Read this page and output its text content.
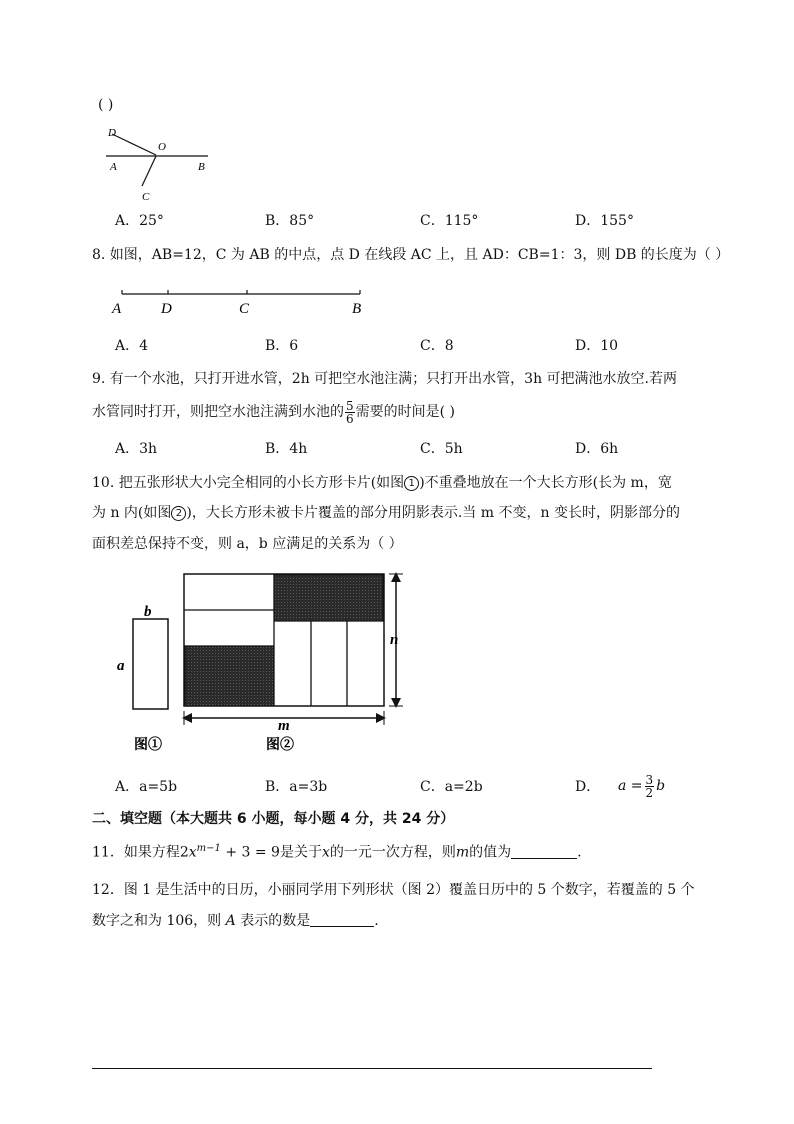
( )
D
O
A	B
C
A．25°	B．85°	C．115°	D．155°
8. 如图，AB=12，C 为 AB 的中点，点 D 在线段 AC 上，且 AD：CB=1：3，则 DB 的长度为（ ）
A	D	C	B
A．4	B．6	C．8	D．10
9. 有一个水池，只打开进水管，2h 可把空水池注满；只打开出水管，3h 可把满池水放空.若两
水管同时打开，则把空水池注满到水池的 $\frac{5}{6}$ 需要的时间是( )
A．3h	B．4h	C．5h	D．6h
10. 把五张形状大小完全相同的小长方形卡片(如图 1 )不重叠地放在一个大长方形(长为 m，宽
为 n 内(如图 2 )，大长方形未被卡片覆盖的部分用阴影表示.当 m 不变，n 变长时，阴影部分的
面积差总保持不变，则 a，b 应满足的关系为（ ）
b
a
n
m
图①	图②
A．a=5b	B．a=3b	C．a=2b	D． $a = \frac{3}{2}$ b
二、填空题（本大题共 6 小题，每小题 4 分，共 24 分）
11．如果方程$2x^{m-1} + 3 = 9$是关于x的一元一次方程，则m的值为	.
12．图 1 是生活中的日历，小丽同学用下列形状（图 2）覆盖日历中的 5 个数字，若覆盖的 5 个
数字之和为 106，则 A 表示的数是	.
